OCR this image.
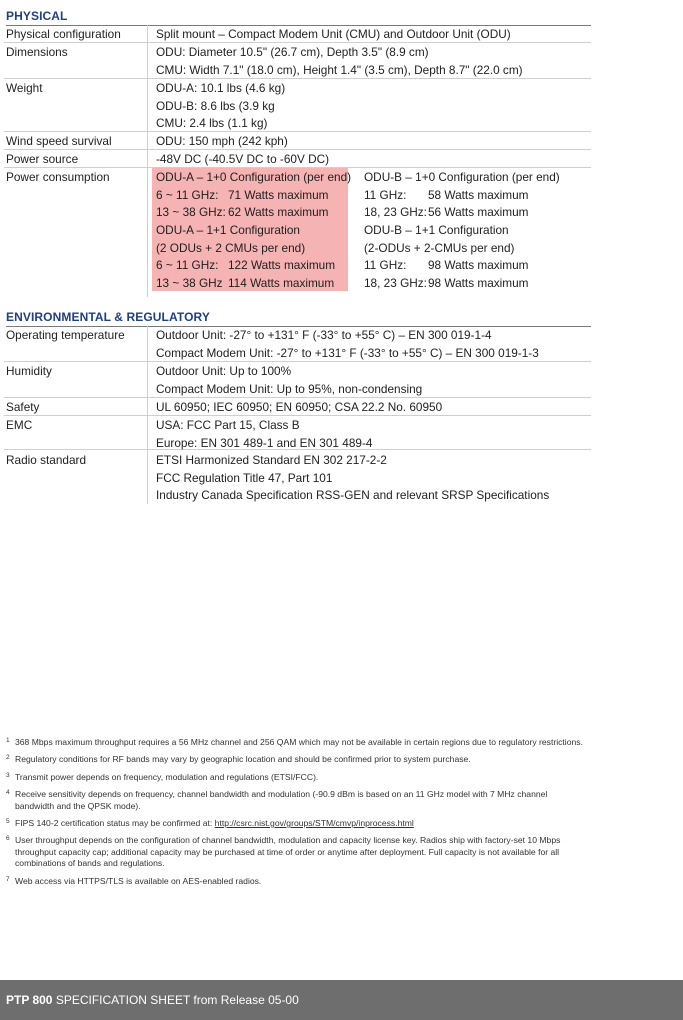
PHYSICAL
Physical configuration	Split mount – Compact Modem Unit (CMU) and Outdoor Unit (ODU)
Dimensions	ODU: Diameter 10.5" (26.7 cm), Depth 3.5" (8.9 cm)
CMU: Width 7.1" (18.0 cm), Height 1.4" (3.5 cm), Depth 8.7" (22.0 cm)
Weight	ODU-A: 10.1 lbs (4.6 kg)
ODU-B: 8.6 lbs (3.9 kg
CMU: 2.4 lbs (1.1 kg)
Wind speed survival	ODU: 150 mph (242 kph)
Power source	-48V DC (-40.5V DC to -60V DC)
Power consumption	ODU-A – 1+0 Configuration (per end)
6 ~ 11 GHz: 71 Watts maximum
13 ~ 38 GHz: 62 Watts maximum
ODU-B – 1+0 Configuration (per end)
11 GHz: 58 Watts maximum
18, 23 GHz:56 Watts maximum
ODU-A – 1+1 Configuration
(2 ODUs + 2 CMUs per end)
6 ~ 11 GHz: 122 Watts maximum
13 ~ 38 GHz 114 Watts maximum
ODU-B – 1+1 Configuration
(2-ODUs + 2-CMUs per end)
11 GHz: 98 Watts maximum
18, 23 GHz:98 Watts maximum
ENVIRONMENTAL & REGULATORY
Operating temperature	Outdoor Unit: -27° to +131° F (-33° to +55° C) – EN 300 019-1-4
Compact Modem Unit: -27° to +131° F (-33° to +55° C) – EN 300 019-1-3
Humidity	Outdoor Unit: Up to 100%
Compact Modem Unit: Up to 95%, non-condensing
Safety	UL 60950; IEC 60950; EN 60950; CSA 22.2 No. 60950
EMC	USA: FCC Part 15, Class B
Europe: EN 301 489-1 and EN 301 489-4
Radio standard	ETSI Harmonized Standard EN 302 217-2-2
FCC Regulation Title 47, Part 101
Industry Canada Specification RSS-GEN and relevant SRSP Specifications
1 368 Mbps maximum throughput requires a 56 MHz channel and 256 QAM which may not be available in certain regions due to regulatory restrictions.
2 Regulatory conditions for RF bands may vary by geographic location and should be confirmed prior to system purchase.
3 Transmit power depends on frequency, modulation and regulations (ETSI/FCC).
4 Receive sensitivity depends on frequency, channel bandwidth and modulation (-90.9 dBm is based on an 11 GHz model with 7 MHz channel bandwidth and the QPSK mode).
5 FIPS 140-2 certification status may be confirmed at: http://csrc.nist.gov/groups/STM/cmvp/inprocess.html
6 User throughput depends on the configuration of channel bandwidth, modulation and capacity license key. Radios ship with factory-set 10 Mbps throughput capacity cap; additional capacity may be purchased at time of order or anytime after deployment. Full capacity is not available for all combinations of bands and regulations.
7 Web access via HTTPS/TLS is available on AES-enabled radios.
PTP 800 SPECIFICATION SHEET from Release 05-00
